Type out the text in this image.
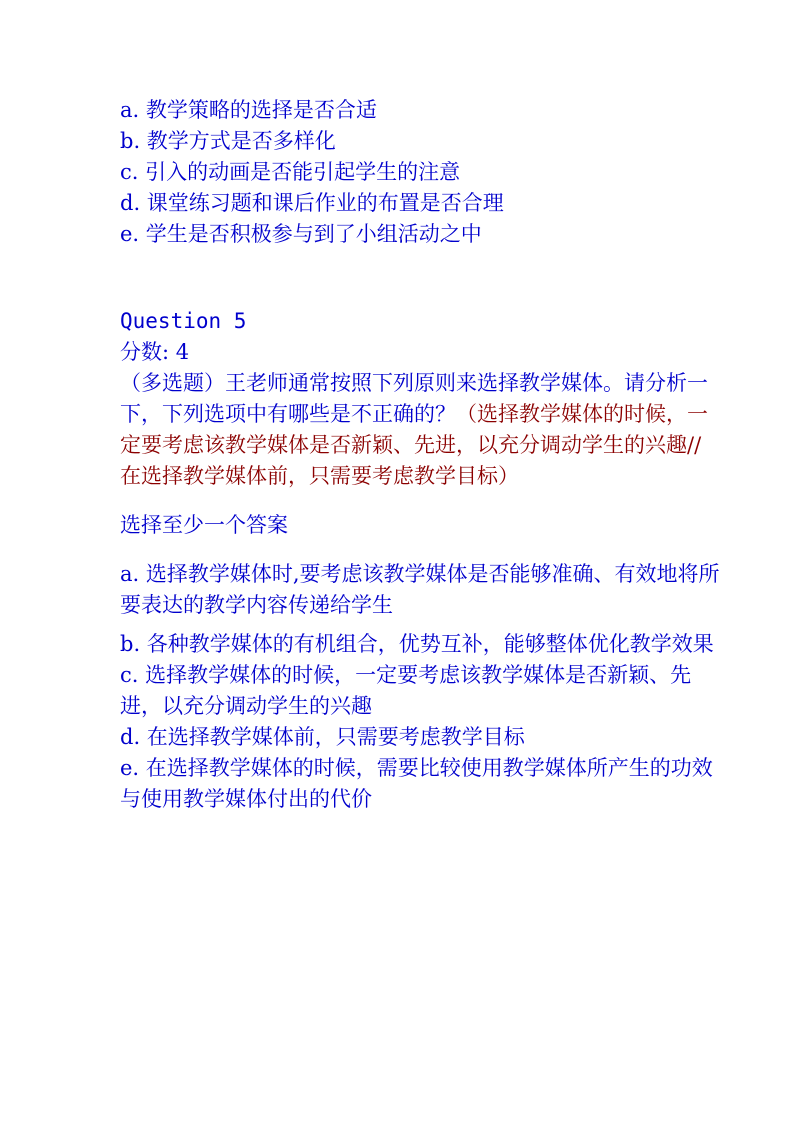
a. 教学策略的选择是否合适
b. 教学方式是否多样化
c. 引入的动画是否能引起学生的注意
d. 课堂练习题和课后作业的布置是否合理
e. 学生是否积极参与到了小组活动之中
Question 5
分数: 4
（多选题）王老师通常按照下列原则来选择教学媒体。请分析一下，下列选项中有哪些是不正确的？（选择教学媒体的时候，一定要考虑该教学媒体是否新颖、先进，以充分调动学生的兴趣//在选择教学媒体前，只需要考虑教学目标）
选择至少一个答案
a. 选择教学媒体时,要考虑该教学媒体是否能够准确、有效地将所要表达的教学内容传递给学生
b. 各种教学媒体的有机组合，优势互补，能够整体优化教学效果
c. 选择教学媒体的时候，一定要考虑该教学媒体是否新颖、先进，以充分调动学生的兴趣
d. 在选择教学媒体前，只需要考虑教学目标
e. 在选择教学媒体的时候，需要比较使用教学媒体所产生的功效与使用教学媒体付出的代价
